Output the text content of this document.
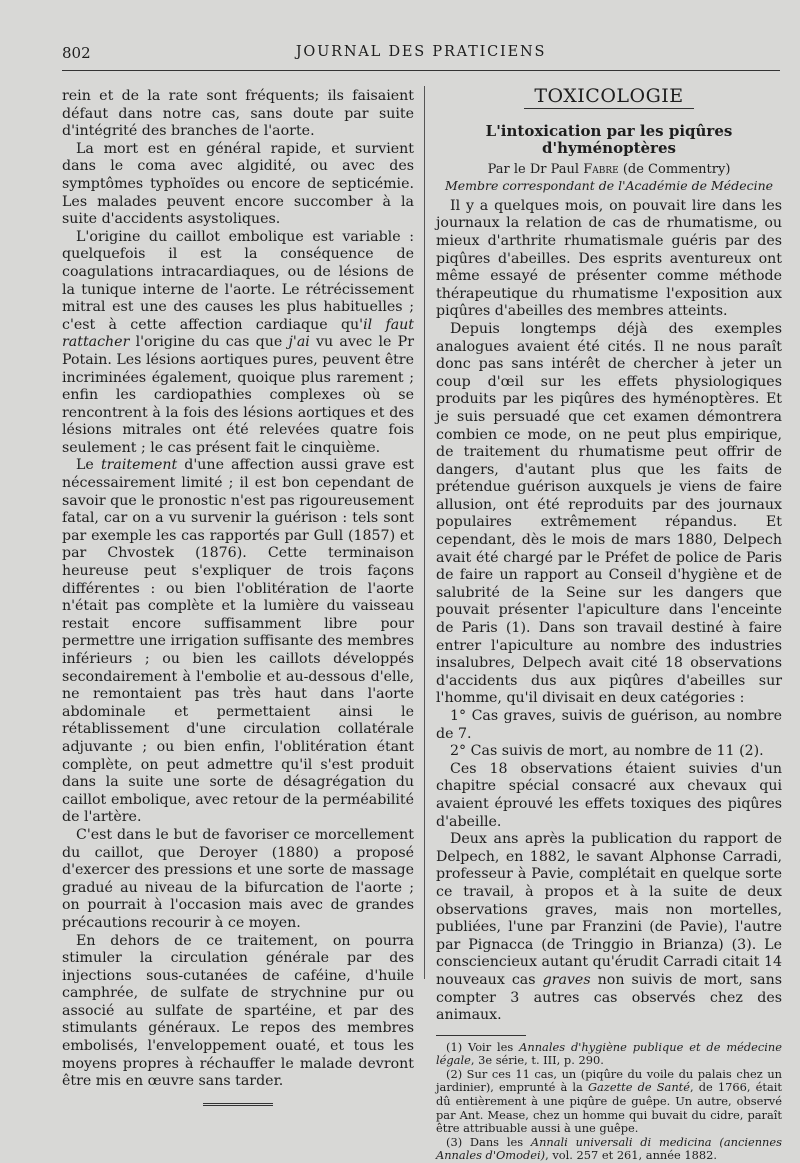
802	JOURNAL DES PRATICIENS

rein et de la rate sont fréquents; ils faisaient défaut dans notre cas, sans doute par suite d'intégrité des branches de l'aorte.

La mort est en général rapide, et survient dans le coma avec algidité, ou avec des symptômes typhoïdes ou encore de septicémie. Les malades peuvent encore succomber à la suite d'accidents asystoliques.

L'origine du caillot embolique est variable : quelquefois il est la conséquence de coagulations intracardiaques, ou de lésions de la tunique interne de l'aorte. Le rétrécissement mitral est une des causes les plus habituelles ; c'est à cette affection cardiaque qu'il faut rattacher l'origine du cas que j'ai vu avec le Pr Potain. Les lésions aortiques pures, peuvent être incriminées également, quoique plus rarement ; enfin les cardiopathies complexes où se rencontrent à la fois des lésions aortiques et des lésions mitrales ont été relevées quatre fois seulement ; le cas présent fait le cinquième.

Le traitement d'une affection aussi grave est nécessairement limité ; il est bon cependant de savoir que le pronostic n'est pas rigoureusement fatal, car on a vu survenir la guérison : tels sont par exemple les cas rapportés par Gull (1857) et par Chvostek (1876). Cette terminaison heureuse peut s'expliquer de trois façons différentes : ou bien l'oblitération de l'aorte n'était pas complète et la lumière du vaisseau restait encore suffisamment libre pour permettre une irrigation suffisante des membres inférieurs ; ou bien les caillots développés secondairement à l'embolie et au-dessous d'elle, ne remontaient pas très haut dans l'aorte abdominale et permettaient ainsi le rétablissement d'une circulation collatérale adjuvante ; ou bien enfin, l'oblitération étant complète, on peut admettre qu'il s'est produit dans la suite une sorte de désagrégation du caillot embolique, avec retour de la perméabilité de l'artère.

C'est dans le but de favoriser ce morcellement du caillot, que Deroyer (1880) a proposé d'exercer des pressions et une sorte de massage gradué au niveau de la bifurcation de l'aorte ; on pourrait à l'occasion mais avec de grandes précautions recourir à ce moyen.

En dehors de ce traitement, on pourra stimuler la circulation générale par des injections sous-cutanées de caféine, d'huile camphrée, de sulfate de strychnine pur ou associé au sulfate de spartéine, et par des stimulants généraux. Le repos des membres embolisés, l'enveloppement ouaté, et tous les moyens propres à réchauffer le malade devront être mis en œuvre sans tarder.

TOXICOLOGIE
L'intoxication par les piqûres d'hyménoptères
Par le Dr Paul Fabre (de Commentry)
Membre correspondant de l'Académie de Médecine

Il y a quelques mois, on pouvait lire dans les journaux la relation de cas de rhumatisme, ou mieux d'arthrite rhumatismale guéris par des piqûres d'abeilles. Des esprits aventureux ont même essayé de présenter comme méthode thérapeutique du rhumatisme l'exposition aux piqûres d'abeilles des membres atteints.

Depuis longtemps déjà des exemples analogues avaient été cités. Il ne nous paraît donc pas sans intérêt de chercher à jeter un coup d'œil sur les effets physiologiques produits par les piqûres des hyménoptères. Et je suis persuadé que cet examen démontrera combien ce mode, on ne peut plus empirique, de traitement du rhumatisme peut offrir de dangers, d'autant plus que les faits de prétendue guérison auxquels je viens de faire allusion, ont été reproduits par des journaux populaires extrêmement répandus. Et cependant, dès le mois de mars 1880, Delpech avait été chargé par le Préfet de police de Paris de faire un rapport au Conseil d'hygiène et de salubrité de la Seine sur les dangers que pouvait présenter l'apiculture dans l'enceinte de Paris (1). Dans son travail destiné à faire entrer l'apiculture au nombre des industries insalubres, Delpech avait cité 18 observations d'accidents dus aux piqûres d'abeilles sur l'homme, qu'il divisait en deux catégories :

1° Cas graves, suivis de guérison, au nombre de 7.

2° Cas suivis de mort, au nombre de 11 (2).

Ces 18 observations étaient suivies d'un chapitre spécial consacré aux chevaux qui avaient éprouvé les effets toxiques des piqûres d'abeille.

Deux ans après la publication du rapport de Delpech, en 1882, le savant Alphonse Carradi, professeur à Pavie, complétait en quelque sorte ce travail, à propos et à la suite de deux observations graves, mais non mortelles, publiées, l'une par Franzini (de Pavie), l'autre par Pignacca (de Tringgio in Brianza) (3). Le consciencieux autant qu'érudit Carradi citait 14 nouveaux cas graves non suivis de mort, sans compter 3 autres cas observés chez des animaux.

(1) Voir les Annales d'hygiène publique et de médecine légale, 3e série, t. III, p. 290.

(2) Sur ces 11 cas, un (piqûre du voile du palais chez un jardinier), emprunté à la Gazette de Santé, de 1766, était dû entièrement à une piqûre de guêpe. Un autre, observé par Ant. Mease, chez un homme qui buvait du cidre, paraît être attribuable aussi à une guêpe.

(3) Dans les Annali universali di medicina (anciennes Annales d'Omodei), vol. 257 et 261, année 1882.
